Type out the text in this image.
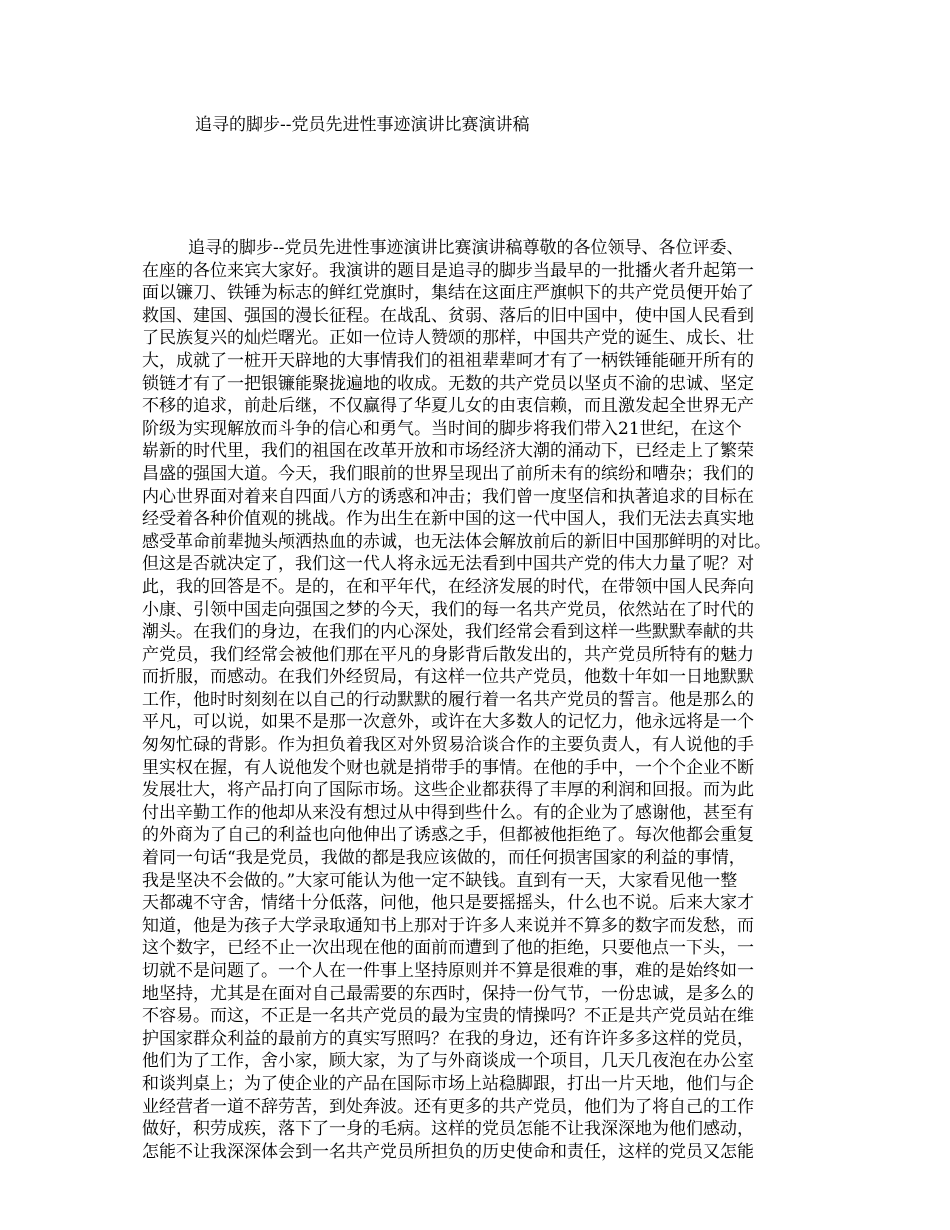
追寻的脚步--党员先进性事迹演讲比赛演讲稿
追寻的脚步--党员先进性事迹演讲比赛演讲稿尊敬的各位领导、各位评委、
在座的各位来宾大家好。我演讲的题目是追寻的脚步当最早的一批播火者升起第一
面以镰刀、铁锤为标志的鲜红党旗时，集结在这面庄严旗帜下的共产党员便开始了
救国、建国、强国的漫长征程。在战乱、贫弱、落后的旧中国中，使中国人民看到
了民族复兴的灿烂曙光。正如一位诗人赞颂的那样，中国共产党的诞生、成长、壮
大，成就了一桩开天辟地的大事情我们的祖祖辈辈呵才有了一柄铁锤能砸开所有的
锁链才有了一把银镰能聚拢遍地的收成。无数的共产党员以坚贞不渝的忠诚、坚定
不移的追求，前赴后继，不仅赢得了华夏儿女的由衷信赖，而且激发起全世界无产
阶级为实现解放而斗争的信心和勇气。当时间的脚步将我们带入21世纪，在这个
崭新的时代里，我们的祖国在改革开放和市场经济大潮的涌动下，已经走上了繁荣
昌盛的强国大道。今天，我们眼前的世界呈现出了前所未有的缤纷和嘈杂；我们的
内心世界面对着来自四面八方的诱惑和冲击；我们曾一度坚信和执著追求的目标在
经受着各种价值观的挑战。作为出生在新中国的这一代中国人，我们无法去真实地
感受革命前辈抛头颅洒热血的赤诚，也无法体会解放前后的新旧中国那鲜明的对比。
但这是否就决定了，我们这一代人将永远无法看到中国共产党的伟大力量了呢？对
此，我的回答是不。是的，在和平年代，在经济发展的时代，在带领中国人民奔向
小康、引领中国走向强国之梦的今天，我们的每一名共产党员，依然站在了时代的
潮头。在我们的身边，在我们的内心深处，我们经常会看到这样一些默默奉献的共
产党员，我们经常会被他们那在平凡的身影背后散发出的，共产党员所特有的魅力
而折服，而感动。在我们外经贸局，有这样一位共产党员，他数十年如一日地默默
工作，他时时刻刻在以自己的行动默默的履行着一名共产党员的誓言。他是那么的
平凡，可以说，如果不是那一次意外，或许在大多数人的记忆力，他永远将是一个
匆匆忙碌的背影。作为担负着我区对外贸易洽谈合作的主要负责人，有人说他的手
里实权在握，有人说他发个财也就是捎带手的事情。在他的手中，一个个企业不断
发展壮大，将产品打向了国际市场。这些企业都获得了丰厚的利润和回报。而为此
付出辛勤工作的他却从来没有想过从中得到些什么。有的企业为了感谢他，甚至有
的外商为了自己的利益也向他伸出了诱惑之手，但都被他拒绝了。每次他都会重复
着同一句话“我是党员，我做的都是我应该做的，而任何损害国家的利益的事情，
我是坚决不会做的。”大家可能认为他一定不缺钱。直到有一天，大家看见他一整
天都魂不守舍，情绪十分低落，问他，他只是要摇摇头，什么也不说。后来大家才
知道，他是为孩子大学录取通知书上那对于许多人来说并不算多的数字而发愁，而
这个数字，已经不止一次出现在他的面前而遭到了他的拒绝，只要他点一下头，一
切就不是问题了。一个人在一件事上坚持原则并不算是很难的事，难的是始终如一
地坚持，尤其是在面对自己最需要的东西时，保持一份气节，一份忠诚，是多么的
不容易。而这，不正是一名共产党员的最为宝贵的情操吗？不正是共产党员站在维
护国家群众利益的最前方的真实写照吗？在我的身边，还有许许多多这样的党员，
他们为了工作，舍小家，顾大家，为了与外商谈成一个项目，几天几夜泡在办公室
和谈判桌上；为了使企业的产品在国际市场上站稳脚跟，打出一片天地，他们与企
业经营者一道不辞劳苦，到处奔波。还有更多的共产党员，他们为了将自己的工作
做好，积劳成疾，落下了一身的毛病。这样的党员怎能不让我深深地为他们感动，
怎能不让我深深体会到一名共产党员所担负的历史使命和责任，这样的党员又怎能
